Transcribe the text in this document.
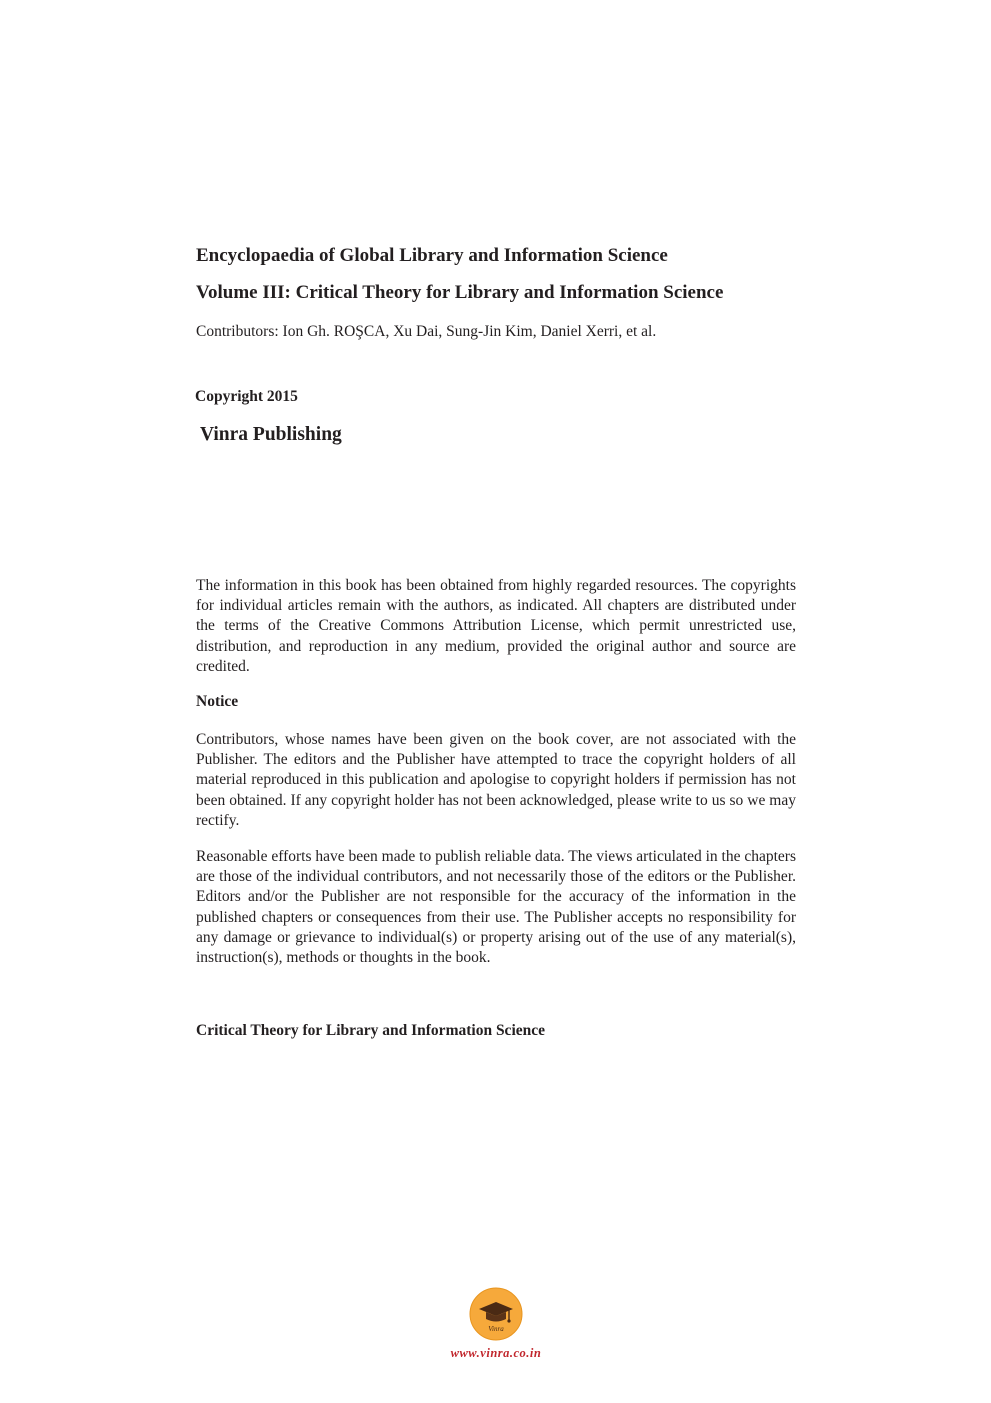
Encyclopaedia of Global Library and Information Science

Volume III: Critical Theory for Library and Information Science

Contributors: Ion Gh. ROŞCA, Xu Dai, Sung-Jin Kim, Daniel Xerri, et al.

Copyright 2015

Vinra Publishing

The information in this book has been obtained from highly regarded resources. The copyrights for individual articles remain with the authors, as indicated. All chapters are distributed under the terms of the Creative Commons Attribution License, which permit unrestricted use, distribution, and reproduction in any medium, provided the original author and source are credited.

Notice

Contributors, whose names have been given on the book cover, are not associated with the Publisher. The editors and the Publisher have attempted to trace the copyright holders of all material reproduced in this publication and apologise to copyright holders if permission has not been obtained. If any copyright holder has not been acknowledged, please write to us so we may rectify.

Reasonable efforts have been made to publish reliable data. The views articulated in the chapters are those of the individual contributors, and not necessarily those of the editors or the Publisher. Editors and/or the Publisher are not responsible for the accuracy of the information in the published chapters or consequences from their use. The Publisher accepts no responsibility for any damage or grievance to individual(s) or property arising out of the use of any material(s), instruction(s), methods or thoughts in the book.

Critical Theory for Library and Information Science

Vinra
www.vinra.co.in
